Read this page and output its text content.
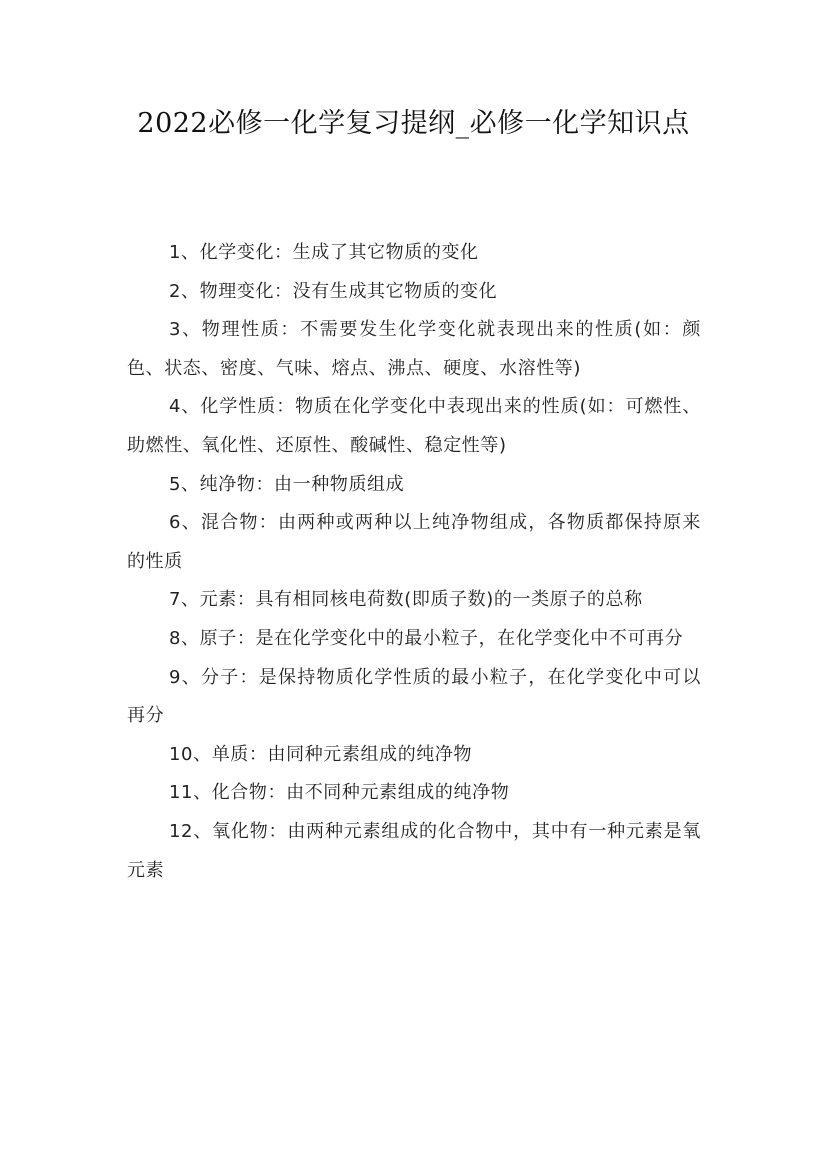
2022必修一化学复习提纲_必修一化学知识点

1、化学变化：生成了其它物质的变化

2、物理变化：没有生成其它物质的变化

3、物理性质：不需要发生化学变化就表现出来的性质(如：颜色、状态、密度、气味、熔点、沸点、硬度、水溶性等)

4、化学性质：物质在化学变化中表现出来的性质(如：可燃性、助燃性、氧化性、还原性、酸碱性、稳定性等)

5、纯净物：由一种物质组成

6、混合物：由两种或两种以上纯净物组成，各物质都保持原来的性质

7、元素：具有相同核电荷数(即质子数)的一类原子的总称

8、原子：是在化学变化中的最小粒子，在化学变化中不可再分

9、分子：是保持物质化学性质的最小粒子，在化学变化中可以再分

10、单质：由同种元素组成的纯净物

11、化合物：由不同种元素组成的纯净物

12、氧化物：由两种元素组成的化合物中，其中有一种元素是氧元素
